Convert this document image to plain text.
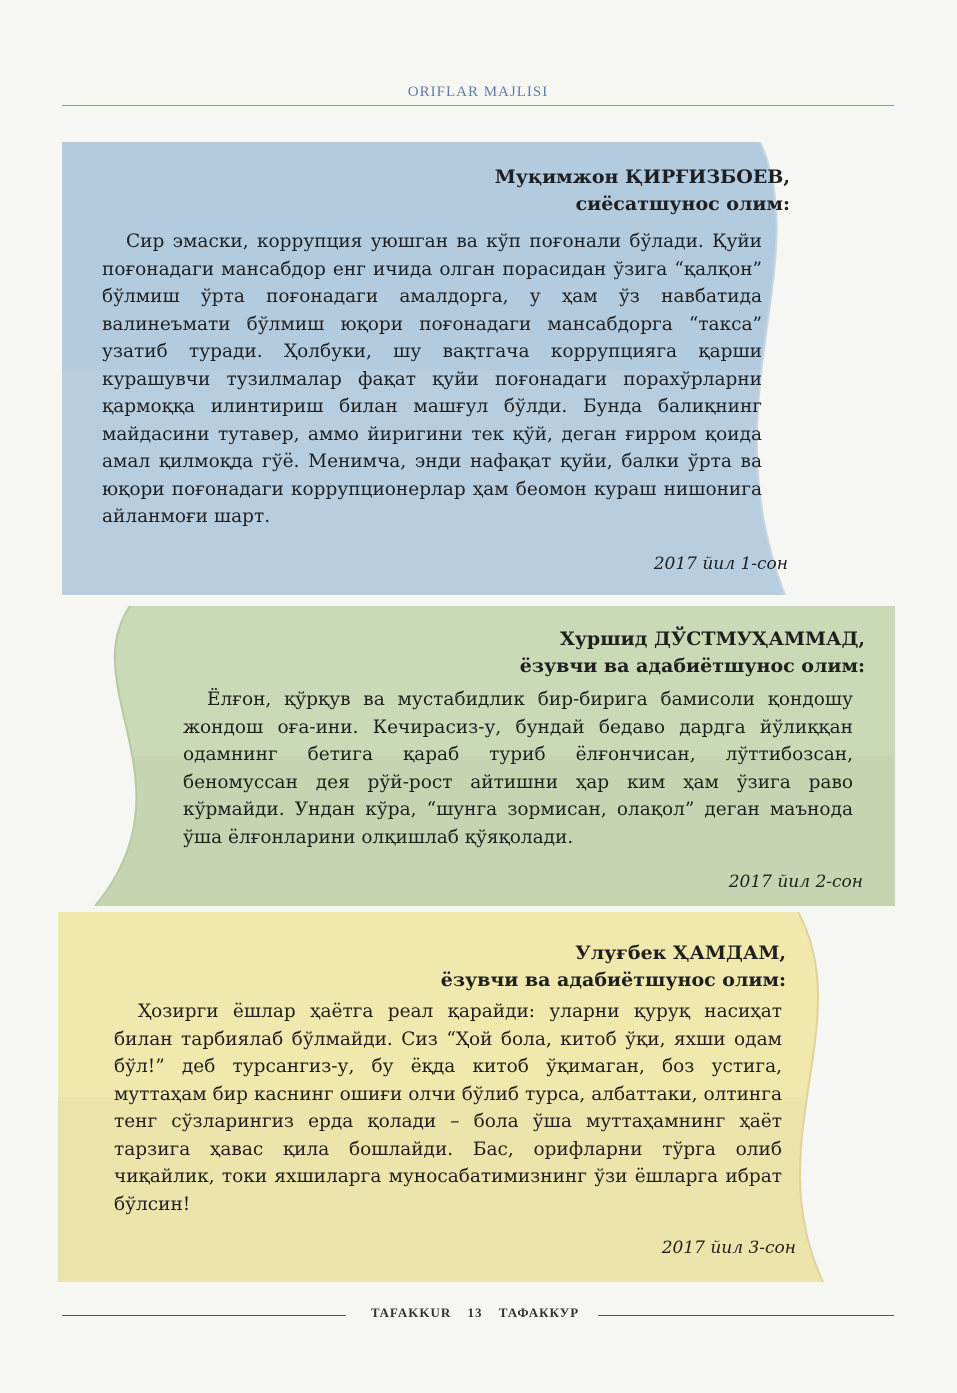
ORIFLAR MAJLISI
Муқимжон ҚИРҒИЗБОЕВ,
сиёсатшунос олим:

Сир эмаски, коррупция уюшган ва кўп поғонали бўлади. Қуйи поғонадаги мансабдор енг ичида олган порасидан ўзига “қалқон” бўлмиш ўрта поғонадаги амалдорга, у ҳам ўз навбатида валинеъмати бўлмиш юқори поғонадаги мансабдорга “такса” узатиб туради. Ҳолбуки, шу вақтгача коррупцияга қарши курашувчи тузилмалар фақат қуйи поғонадаги порахўрларни қармоққа илинтириш билан машғул бўлди. Бунда балиқнинг майдасини тутавер, аммо йиригини тек қўй, деган ғирром қоида амал қилмоқда гўё. Менимча, энди нафақат қуйи, балки ўрта ва юқори поғонадаги коррупционерлар ҳам беомон кураш нишонига айланмоғи шарт.

2017 йил 1-сон
Хуршид ДЎСТМУҲАММАД,
ёзувчи ва адабиётшунос олим:

Ёлғон, қўрқув ва мустабидлик бир-бирига бамисоли қондошу жондош оға-ини. Кечирасиз-у, бундай бедаво дардга йўлиққан одамнинг бетига қараб туриб ёлғончисан, лўттибозсан, беномуссан дея рўй-рост айтишни ҳар ким ҳам ўзига раво кўрмайди. Ундан кўра, “шунга зормисан, олақол” деган маънода ўша ёлғонларини олқишлаб қўяқолади.

2017 йил 2-сон
Улуғбек ҲАМДАМ,
ёзувчи ва адабиётшунос олим:

Ҳозирги ёшлар ҳаётга реал қарайди: уларни қуруқ насиҳат билан тарбиялаб бўлмайди. Сиз “Ҳой бола, китоб ўқи, яхши одам бўл!” деб турсангиз-у, бу ёқда китоб ўқимаган, боз устига, муттаҳам бир каснинг ошиғи олчи бўлиб турса, албаттаки, олтинга тенг сўзларингиз ерда қолади – бола ўша муттаҳамнинг ҳаёт тарзига ҳавас қила бошлайди. Бас, орифларни тўрга олиб чиқайлик, токи яхшиларга муносабатимизнинг ўзи ёшларга ибрат бўлсин!

2017 йил 3-сон
TAFAKKUR 13 ТАФАККУР
